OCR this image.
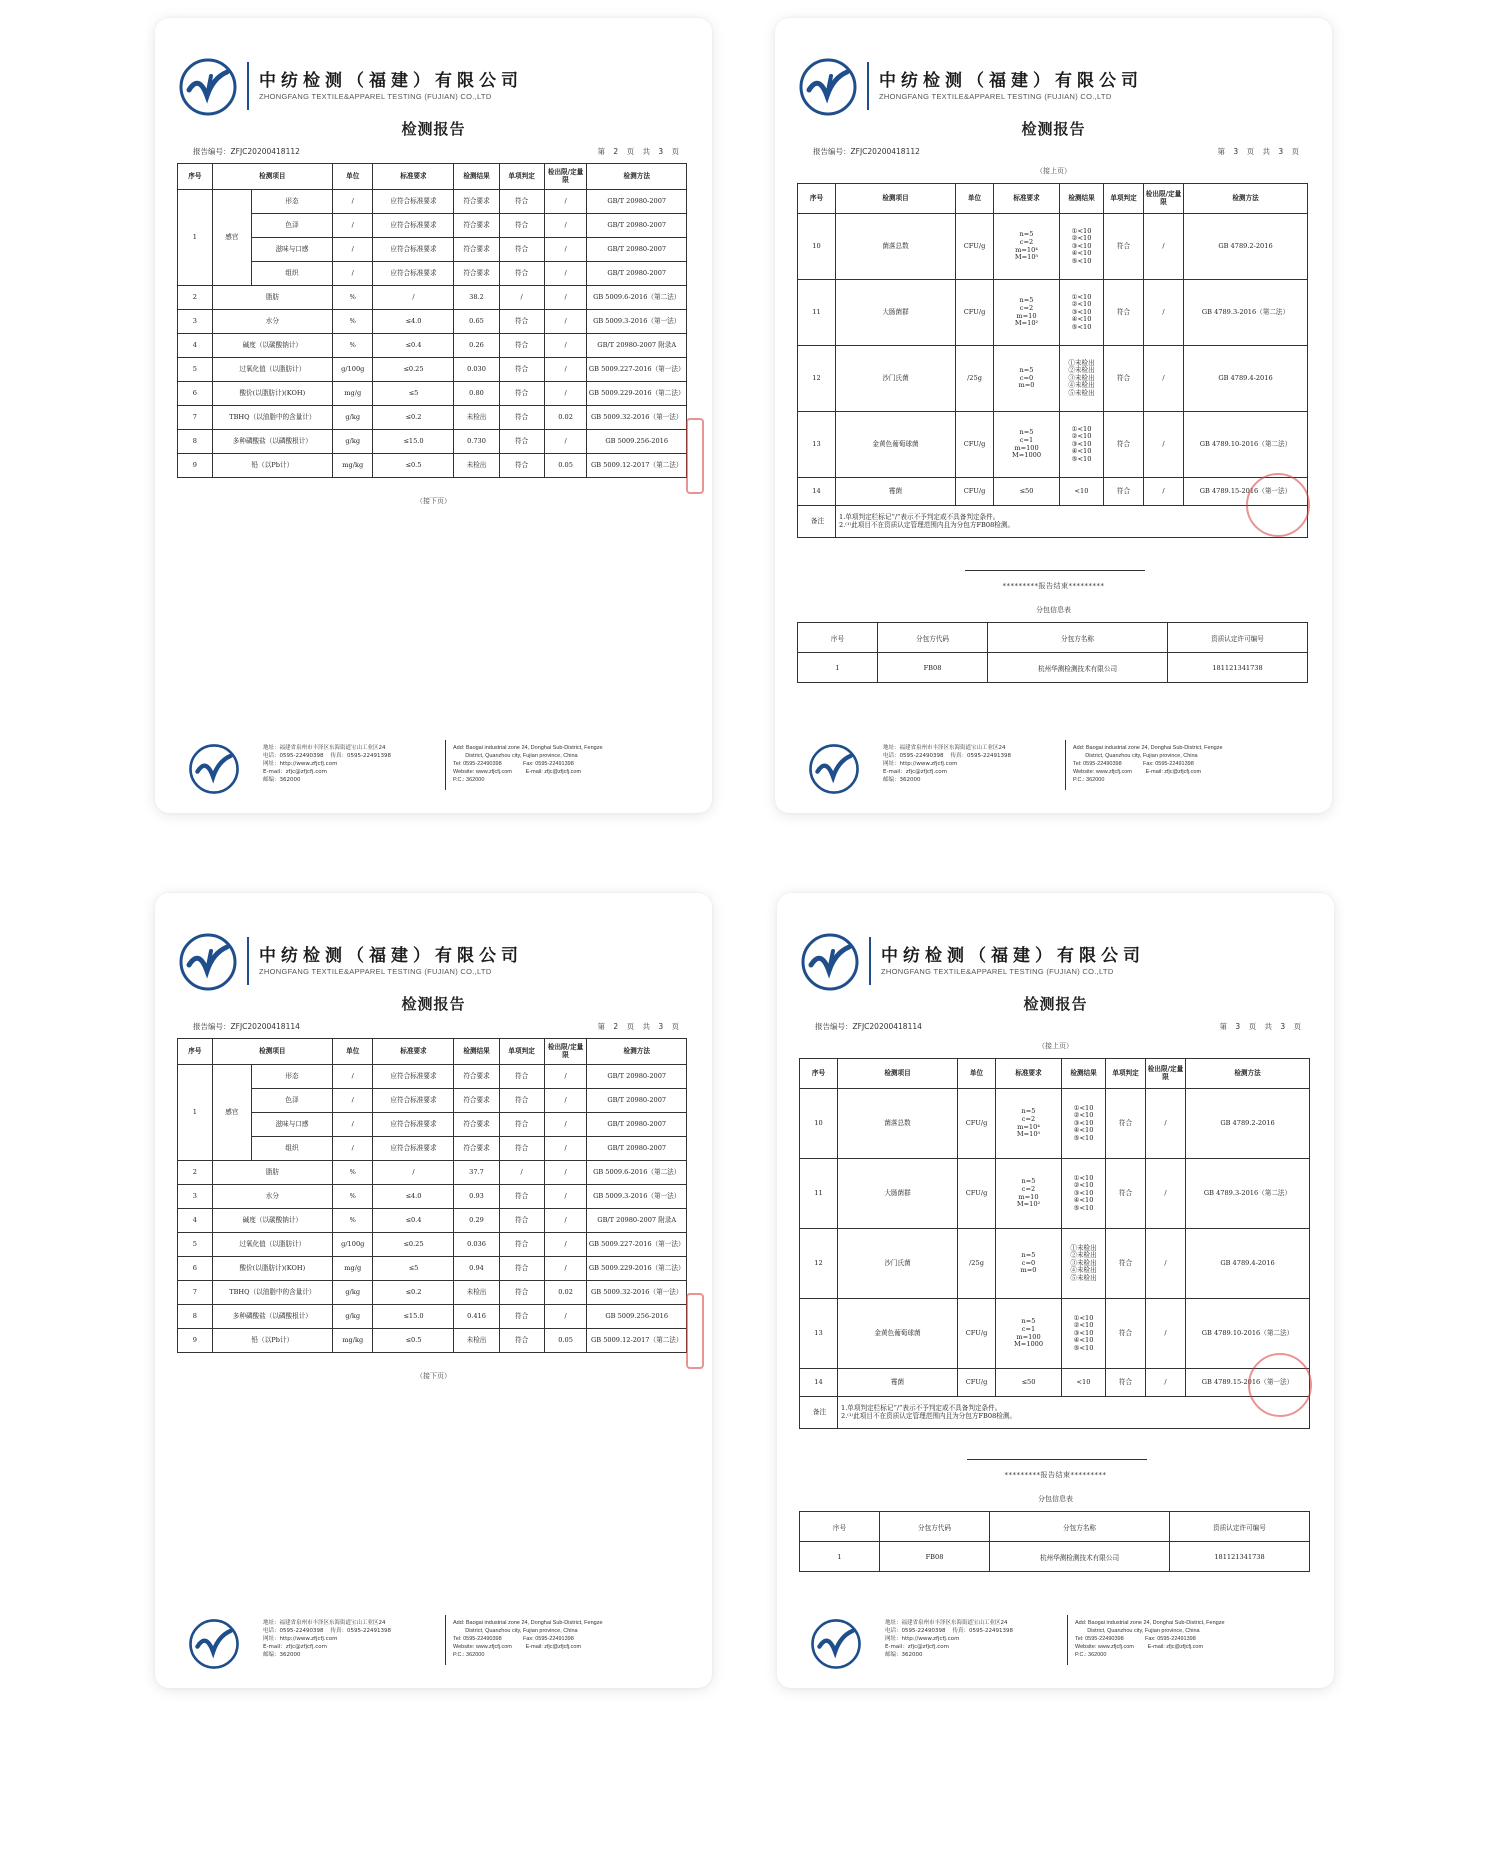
中纺检测（福建）有限公司
ZHONGFANG TEXTILE&APPAREL TESTING (FUJIAN) CO.,LTD
检测报告
报告编号：ZFJC20200418112	第 2 页 共 3 页
序号	检测项目		单位	标准要求	检测结果	单项判定	检出限/定量限	检测方法
1	感官	形态	/	应符合标准要求	符合要求	符合	/	GB/T 20980-2007
		色泽	/	应符合标准要求	符合要求	符合	/	GB/T 20980-2007
		滋味与口感	/	应符合标准要求	符合要求	符合	/	GB/T 20980-2007
		组织	/	应符合标准要求	符合要求	符合	/	GB/T 20980-2007
2	脂肪		%	/	38.2	/	/	GB 5009.6-2016（第二法）
3	水分		%	≤4.0	0.65	符合	/	GB 5009.3-2016（第一法）
4	碱度（以碳酸钠计）		%	≤0.4	0.26	符合	/	GB/T 20980-2007 附录A
5	过氧化值（以脂肪计）		g/100g	≤0.25	0.030	符合	/	GB 5009.227-2016（第一法）
6	酸价(以脂肪计)(KOH)		mg/g	≤5	0.80	符合	/	GB 5009.229-2016（第二法）
7	TBHQ（以油脂中的含量计）		g/kg	≤0.2	未检出	符合	0.02	GB 5009.32-2016（第一法）
8	多种磷酸盐（以磷酸根计）		g/kg	≤15.0	0.730	符合	/	GB 5009.256-2016
9	铅（以Pb计）		mg/kg	≤0.5	未检出	符合	0.05	GB 5009.12-2017（第二法）
（接下页）
地址：福建省泉州市丰泽区东海街道宝山工业区24
电话：0595-22490398    传真：0595-22491398
网址：http://www.zfjcfj.com
E-mail：zfjc@zfjcfj.com
邮编：362000
Add: Baogai industrial zone 24, Donghai Sub-District, Fengze
District, Quanzhou city, Fujian province, China
Tel: 0595-22490398              Fax: 0595-22491398
Website: www.zfjcfj.com         E-mail: zfjc@zfjcfj.com
P.C.: 362000
中纺检测（福建）有限公司
ZHONGFANG TEXTILE&APPAREL TESTING (FUJIAN) CO.,LTD
检测报告
报告编号：ZFJC20200418112	第 3 页 共 3 页
（接上页）
序号	检测项目	单位	标准要求	检测结果	单项判定	检出限/定量限	检测方法
10	菌落总数	CFU/g	n=5
c=2
m=10⁴
M=10⁵	①<10
②<10
③<10
④<10
⑤<10	符合	/	GB 4789.2-2016
11	大肠菌群	CFU/g	n=5
c=2
m=10
M=10²	①<10
②<10
③<10
④<10
⑤<10	符合	/	GB 4789.3-2016（第二法）
12	沙门氏菌	/25g	n=5
c=0
m=0	①未检出
②未检出
③未检出
④未检出
⑤未检出	符合	/	GB 4789.4-2016
13	金黄色葡萄球菌	CFU/g	n=5
c=1
m=100
M=1000	①<10
②<10
③<10
④<10
⑤<10	符合	/	GB 4789.10-2016（第二法）
14	霉菌	CFU/g	≤50	<10	符合	/	GB 4789.15-2016（第一法）
备注	1.单项判定栏标记“/”表示不予判定或不具备判定条件。
2.⁽¹⁾此项目不在资质认定管理范围内且为分包方FB08检测。						
*********报告结束*********
分包信息表
序号	分包方代码	分包方名称	资质认定许可编号
1	FB08	杭州华测检测技术有限公司	181121341738
地址：福建省泉州市丰泽区东海街道宝山工业区24
电话：0595-22490398    传真：0595-22491398
网址：http://www.zfjcfj.com
E-mail：zfjc@zfjcfj.com
邮编：362000
Add: Baogai industrial zone 24, Donghai Sub-District, Fengze
District, Quanzhou city, Fujian province, China
Tel: 0595-22490398              Fax: 0595-22491398
Website: www.zfjcfj.com         E-mail: zfjc@zfjcfj.com
P.C.: 362000
中纺检测（福建）有限公司
ZHONGFANG TEXTILE&APPAREL TESTING (FUJIAN) CO.,LTD
检测报告
报告编号：ZFJC20200418114	第 2 页 共 3 页
序号	检测项目		单位	标准要求	检测结果	单项判定	检出限/定量限	检测方法
1	感官	形态	/	应符合标准要求	符合要求	符合	/	GB/T 20980-2007
		色泽	/	应符合标准要求	符合要求	符合	/	GB/T 20980-2007
		滋味与口感	/	应符合标准要求	符合要求	符合	/	GB/T 20980-2007
		组织	/	应符合标准要求	符合要求	符合	/	GB/T 20980-2007
2	脂肪		%	/	37.7	/	/	GB 5009.6-2016（第二法）
3	水分		%	≤4.0	0.93	符合	/	GB 5009.3-2016（第一法）
4	碱度（以碳酸钠计）		%	≤0.4	0.29	符合	/	GB/T 20980-2007 附录A
5	过氧化值（以脂肪计）		g/100g	≤0.25	0.036	符合	/	GB 5009.227-2016（第一法）
6	酸价(以脂肪计)(KOH)		mg/g	≤5	0.94	符合	/	GB 5009.229-2016（第二法）
7	TBHQ（以油脂中的含量计）		g/kg	≤0.2	未检出	符合	0.02	GB 5009.32-2016（第一法）
8	多种磷酸盐（以磷酸根计）		g/kg	≤15.0	0.416	符合	/	GB 5009.256-2016
9	铅（以Pb计）		mg/kg	≤0.5	未检出	符合	0.05	GB 5009.12-2017（第二法）
（接下页）
地址：福建省泉州市丰泽区东海街道宝山工业区24
电话：0595-22490398    传真：0595-22491398
网址：http://www.zfjcfj.com
E-mail：zfjc@zfjcfj.com
邮编：362000
Add: Baogai industrial zone 24, Donghai Sub-District, Fengze
District, Quanzhou city, Fujian province, China
Tel: 0595-22490398              Fax: 0595-22491398
Website: www.zfjcfj.com         E-mail: zfjc@zfjcfj.com
P.C.: 362000
中纺检测（福建）有限公司
ZHONGFANG TEXTILE&APPAREL TESTING (FUJIAN) CO.,LTD
检测报告
报告编号：ZFJC20200418114	第 3 页 共 3 页
（接上页）
序号	检测项目	单位	标准要求	检测结果	单项判定	检出限/定量限	检测方法
10	菌落总数	CFU/g	n=5
c=2
m=10⁴
M=10⁵	①<10
②<10
③<10
④<10
⑤<10	符合	/	GB 4789.2-2016
11	大肠菌群	CFU/g	n=5
c=2
m=10
M=10²	①<10
②<10
③<10
④<10
⑤<10	符合	/	GB 4789.3-2016（第二法）
12	沙门氏菌	/25g	n=5
c=0
m=0	①未检出
②未检出
③未检出
④未检出
⑤未检出	符合	/	GB 4789.4-2016
13	金黄色葡萄球菌	CFU/g	n=5
c=1
m=100
M=1000	①<10
②<10
③<10
④<10
⑤<10	符合	/	GB 4789.10-2016（第二法）
14	霉菌	CFU/g	≤50	<10	符合	/	GB 4789.15-2016（第一法）
备注	1.单项判定栏标记“/”表示不予判定或不具备判定条件。
2.⁽¹⁾此项目不在资质认定管理范围内且为分包方FB08检测。						
*********报告结束*********
分包信息表
序号	分包方代码	分包方名称	资质认定许可编号
1	FB08	杭州华测检测技术有限公司	181121341738
地址：福建省泉州市丰泽区东海街道宝山工业区24
电话：0595-22490398    传真：0595-22491398
网址：http://www.zfjcfj.com
E-mail：zfjc@zfjcfj.com
邮编：362000
Add: Baogai industrial zone 24, Donghai Sub-District, Fengze
District, Quanzhou city, Fujian province, China
Tel: 0595-22490398              Fax: 0595-22491398
Website: www.zfjcfj.com         E-mail: zfjc@zfjcfj.com
P.C.: 362000
